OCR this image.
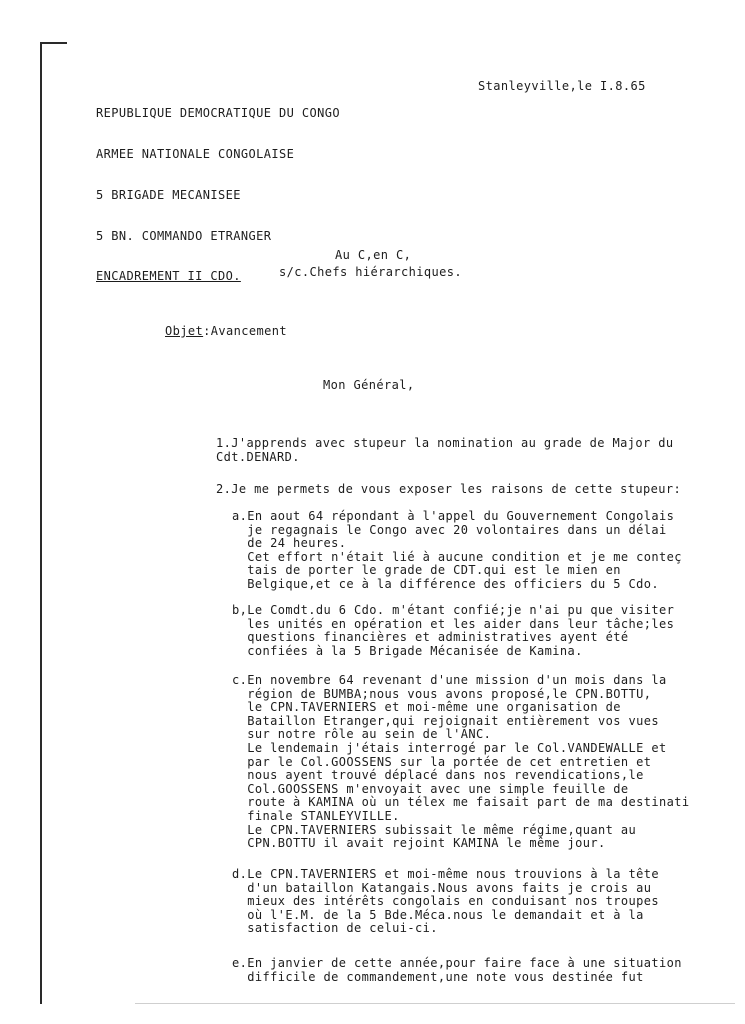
REPUBLIQUE DEMOCRATIQUE DU CONGO

ARMEE NATIONALE CONGOLAISE

5 BRIGADE MECANISEE

5 BN. COMMANDO ETRANGER

ENCADREMENT II CDO.

Stanleyville,le I.8.65
Au C,en C,
s/c.Chefs hiérarchiques.
Objet:Avancement
Mon Général,
1.J'apprends avec stupeur la nomination au grade de Major du
Cdt.DENARD.
2.Je me permets de vous exposer les raisons de cette stupeur:
a.En aout 64 répondant à l'appel du Gouvernement Congolais
je regagnais le Congo avec 20 volontaires dans un délai
de 24 heures.
Cet effort n'était lié à aucune condition et je me conteç
tais de porter le grade de CDT.qui est le mien en
Belgique,et ce à la différence des officiers du 5 Cdo.
b,Le Comdt.du 6 Cdo. m'étant confié;je n'ai pu que visiter
les unités en opération et les aider dans leur tâche;les
questions financières et administratives ayent été
confiées à la 5 Brigade Mécanisée de Kamina.
c.En novembre 64 revenant d'une mission d'un mois dans la
région de BUMBA;nous vous avons proposé,le CPN.BOTTU,
le CPN.TAVERNIERS et moi-même une organisation de
Bataillon Etranger,qui rejoignait entièrement vos vues
sur notre rôle au sein de l'ANC.
Le lendemain j'étais interrogé par le Col.VANDEWALLE et
par le Col.GOOSSENS sur la portée de cet entretien et
nous ayent trouvé déplacé dans nos revendications,le
Col.GOOSSENS m'envoyait avec une simple feuille de
route à KAMINA où un télex me faisait part de ma destinati
finale STANLEYVILLE.
Le CPN.TAVERNIERS subissait le même régime,quant au
CPN.BOTTU il avait rejoint KAMINA le même jour.
d.Le CPN.TAVERNIERS et moi-même nous trouvions à la tête
d'un bataillon Katangais.Nous avons faits je crois au
mieux des intérêts congolais en conduisant nos troupes
où l'E.M. de la 5 Bde.Méca.nous le demandait et à la
satisfaction de celui-ci.
e.En janvier de cette année,pour faire face à une situation
difficile de commandement,une note vous destinée fut
